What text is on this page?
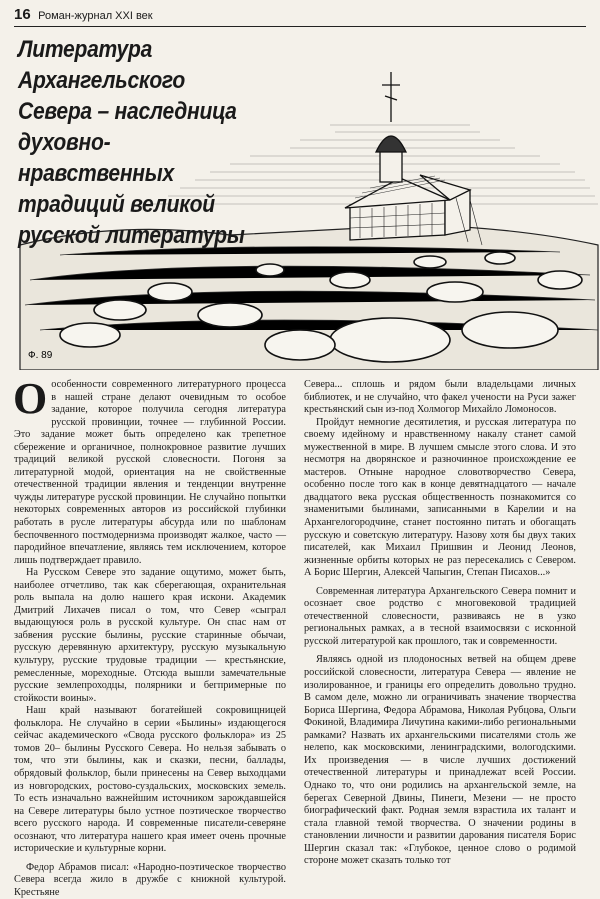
16 Роман-журнал XXI век
Ф. 89
Литература Архангельского Севера – наследница духовно-нравственных традиций великой русской литературы

Оособенности современного литературного процесса в нашей стране делают очевидным то особое задание, которое получила сегодня литература русской провинции, точнее — глубинной России. Это задание может быть определено как трепетное сбережение и органичное, полнокровное развитие лучших традиций великой русской словесности. Погоня за литературной модой, ориентация на не свойственные отечественной традиции явления и тенденции внутренне чужды литературе русской провинции. Не случайно попытки некоторых современных авторов из российской глубинки работать в русле литературы абсурда или по шаблонам беспочвенного постмодернизма производят жалкое, часто — пародийное впечатление, являясь тем исключением, которое лишь подтверждает правило.

На Русском Севере это задание ощутимо, может быть, наиболее отчетливо, так как сберегающая, охранительная роль выпала на долю нашего края искони. Академик Дмитрий Лихачев писал о том, что Север «сыграл выдающуюся роль в русской культуре. Он спас нам от забвения русские былины, русские старинные обычаи, русскую деревянную архитектуру, русскую музыкальную культуру, русские трудовые традиции — крестьянские, ремесленные, мореходные. Отсюда вышли замечательные русские землепроходцы, полярники и бегпримерные по стойкости воины».

Наш край называют богатейшей сокровищницей фольклора. Не случайно в серии «Былины» издающегося сейчас академического «Свода русского фольклора» из 25 томов 20– былины Русского Севера. Но нельзя забывать о том, что эти былины, как и сказки, песни, баллады, обрядовый фольклор, были принесены на Север выходцами из новгородских, ростово-суздальских, московских земель. То есть изначально важнейшим источником зарождавшейся на Севере литературы было устное поэтическое творчество всего русского народа. И современные писатели-северяне осознают, что литература нашего края имеет очень прочные исторические и культурные корни.

Федор Абрамов писал: «Народно-поэтическое творчество Севера всегда жило в дружбе с книжной культурой. Крестьяне

Севера... сплошь и рядом были владельцами личных библиотек, и не случайно, что факел учености на Руси зажег крестьянский сын из-под Холмогор Михайло Ломоносов.

Пройдут немногие десятилетия, и русская литература по своему идейному и нравственному накалу станет самой мужественной в мире. В лучшем смысле этого слова. И это несмотря на дворянское и разночинное происхождение ее мастеров. Отныне народное словотворчество Севера, особенно после того как в конце девятнадцатого — начале двадцатого века русская общественность познакомится со знаменитыми былинами, записанными в Карелии и на Архангелогородчине, станет постоянно питать и обогащать русскую и советскую литературу. Назову хотя бы двух таких писателей, как Михаил Пришвин и Леонид Леонов, жизненные орбиты которых не раз пересекались с Севером. А Борис Шергин, Алексей Чапыгин, Степан Писахов...»

Современная литература Архангельского Севера помнит и осознает свое родство с многовековой традицией отечественной словесности, развиваясь не в узко региональных рамках, а в тесной взаимосвязи с исконной русской литературой как прошлого, так и современности.

Являясь одной из плодоносных ветвей на общем древе российской словесности, литература Севера — явление не изолированное, и границы его определить довольно трудно. В самом деле, можно ли ограничивать значение творчества Бориса Шергина, Федора Абрамова, Николая Рубцова, Ольги Фокиной, Владимира Личутина какими-либо региональными рамками? Назвать их архангельскими писателями столь же нелепо, как московскими, ленинградскими, вологодскими. Их произведения — в числе лучших достижений отечественной литературы и принадлежат всей России. Однако то, что они родились на архангельской земле, на берегах Северной Двины, Пинеги, Мезени — не просто биографический факт. Родная земля взрастила их талант и стала главной темой творчества. О значении родины в становлении личности и развитии дарования писателя Борис Шергин сказал так: «Глубокое, ценное слово о родимой стороне может сказать только тот
